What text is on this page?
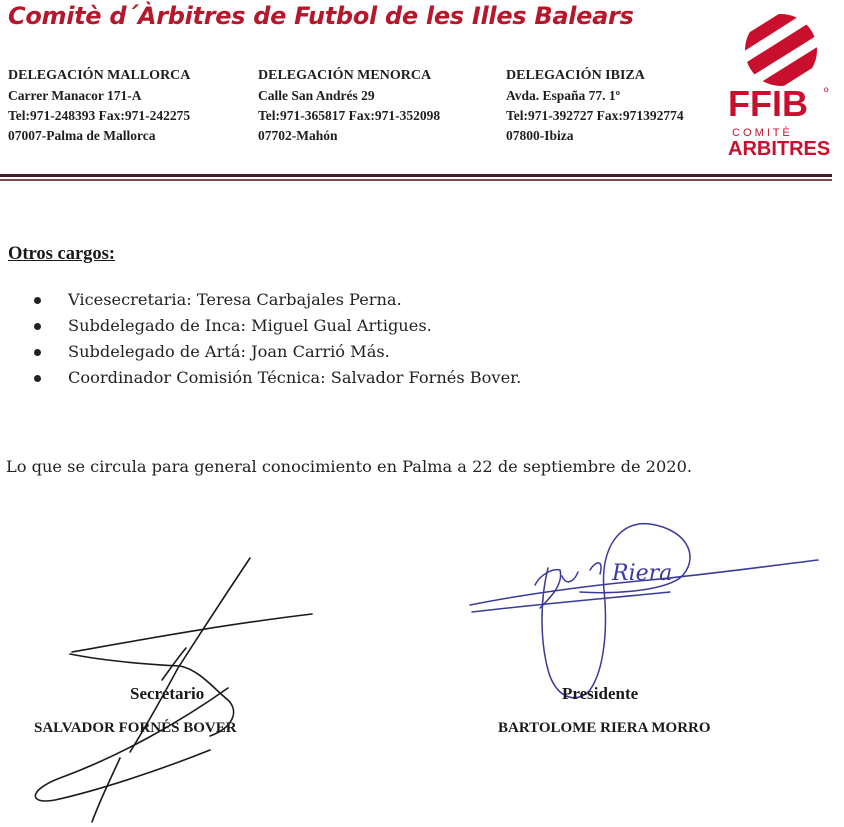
Comitè d´Àrbitres de Futbol de les Illes Balears
DELEGACIÓN MALLORCA
Carrer Manacor 171-A
Tel:971-248393 Fax:971-242275
07007-Palma de Mallorca
DELEGACIÓN MENORCA
Calle San Andrés 29
Tel:971-365817 Fax:971-352098
07702-Mahón
DELEGACIÓN IBIZA
Avda. España 77. 1º
Tel:971-392727 Fax:971392774
07800-Ibiza
FFIB º
C O M I T È
ARBITRES
Otros cargos:
Vicesecretaria: Teresa Carbajales Perna.
Subdelegado de Inca: Miguel Gual Artigues.
Subdelegado de Artá: Joan Carrió Más.
Coordinador Comisión Técnica: Salvador Fornés Bover.
Lo que se circula para general conocimiento en Palma a 22 de septiembre de 2020.
Riera
Secretario
SALVADOR FORNÉS BOVER
Presidente
BARTOLOME RIERA MORRO
